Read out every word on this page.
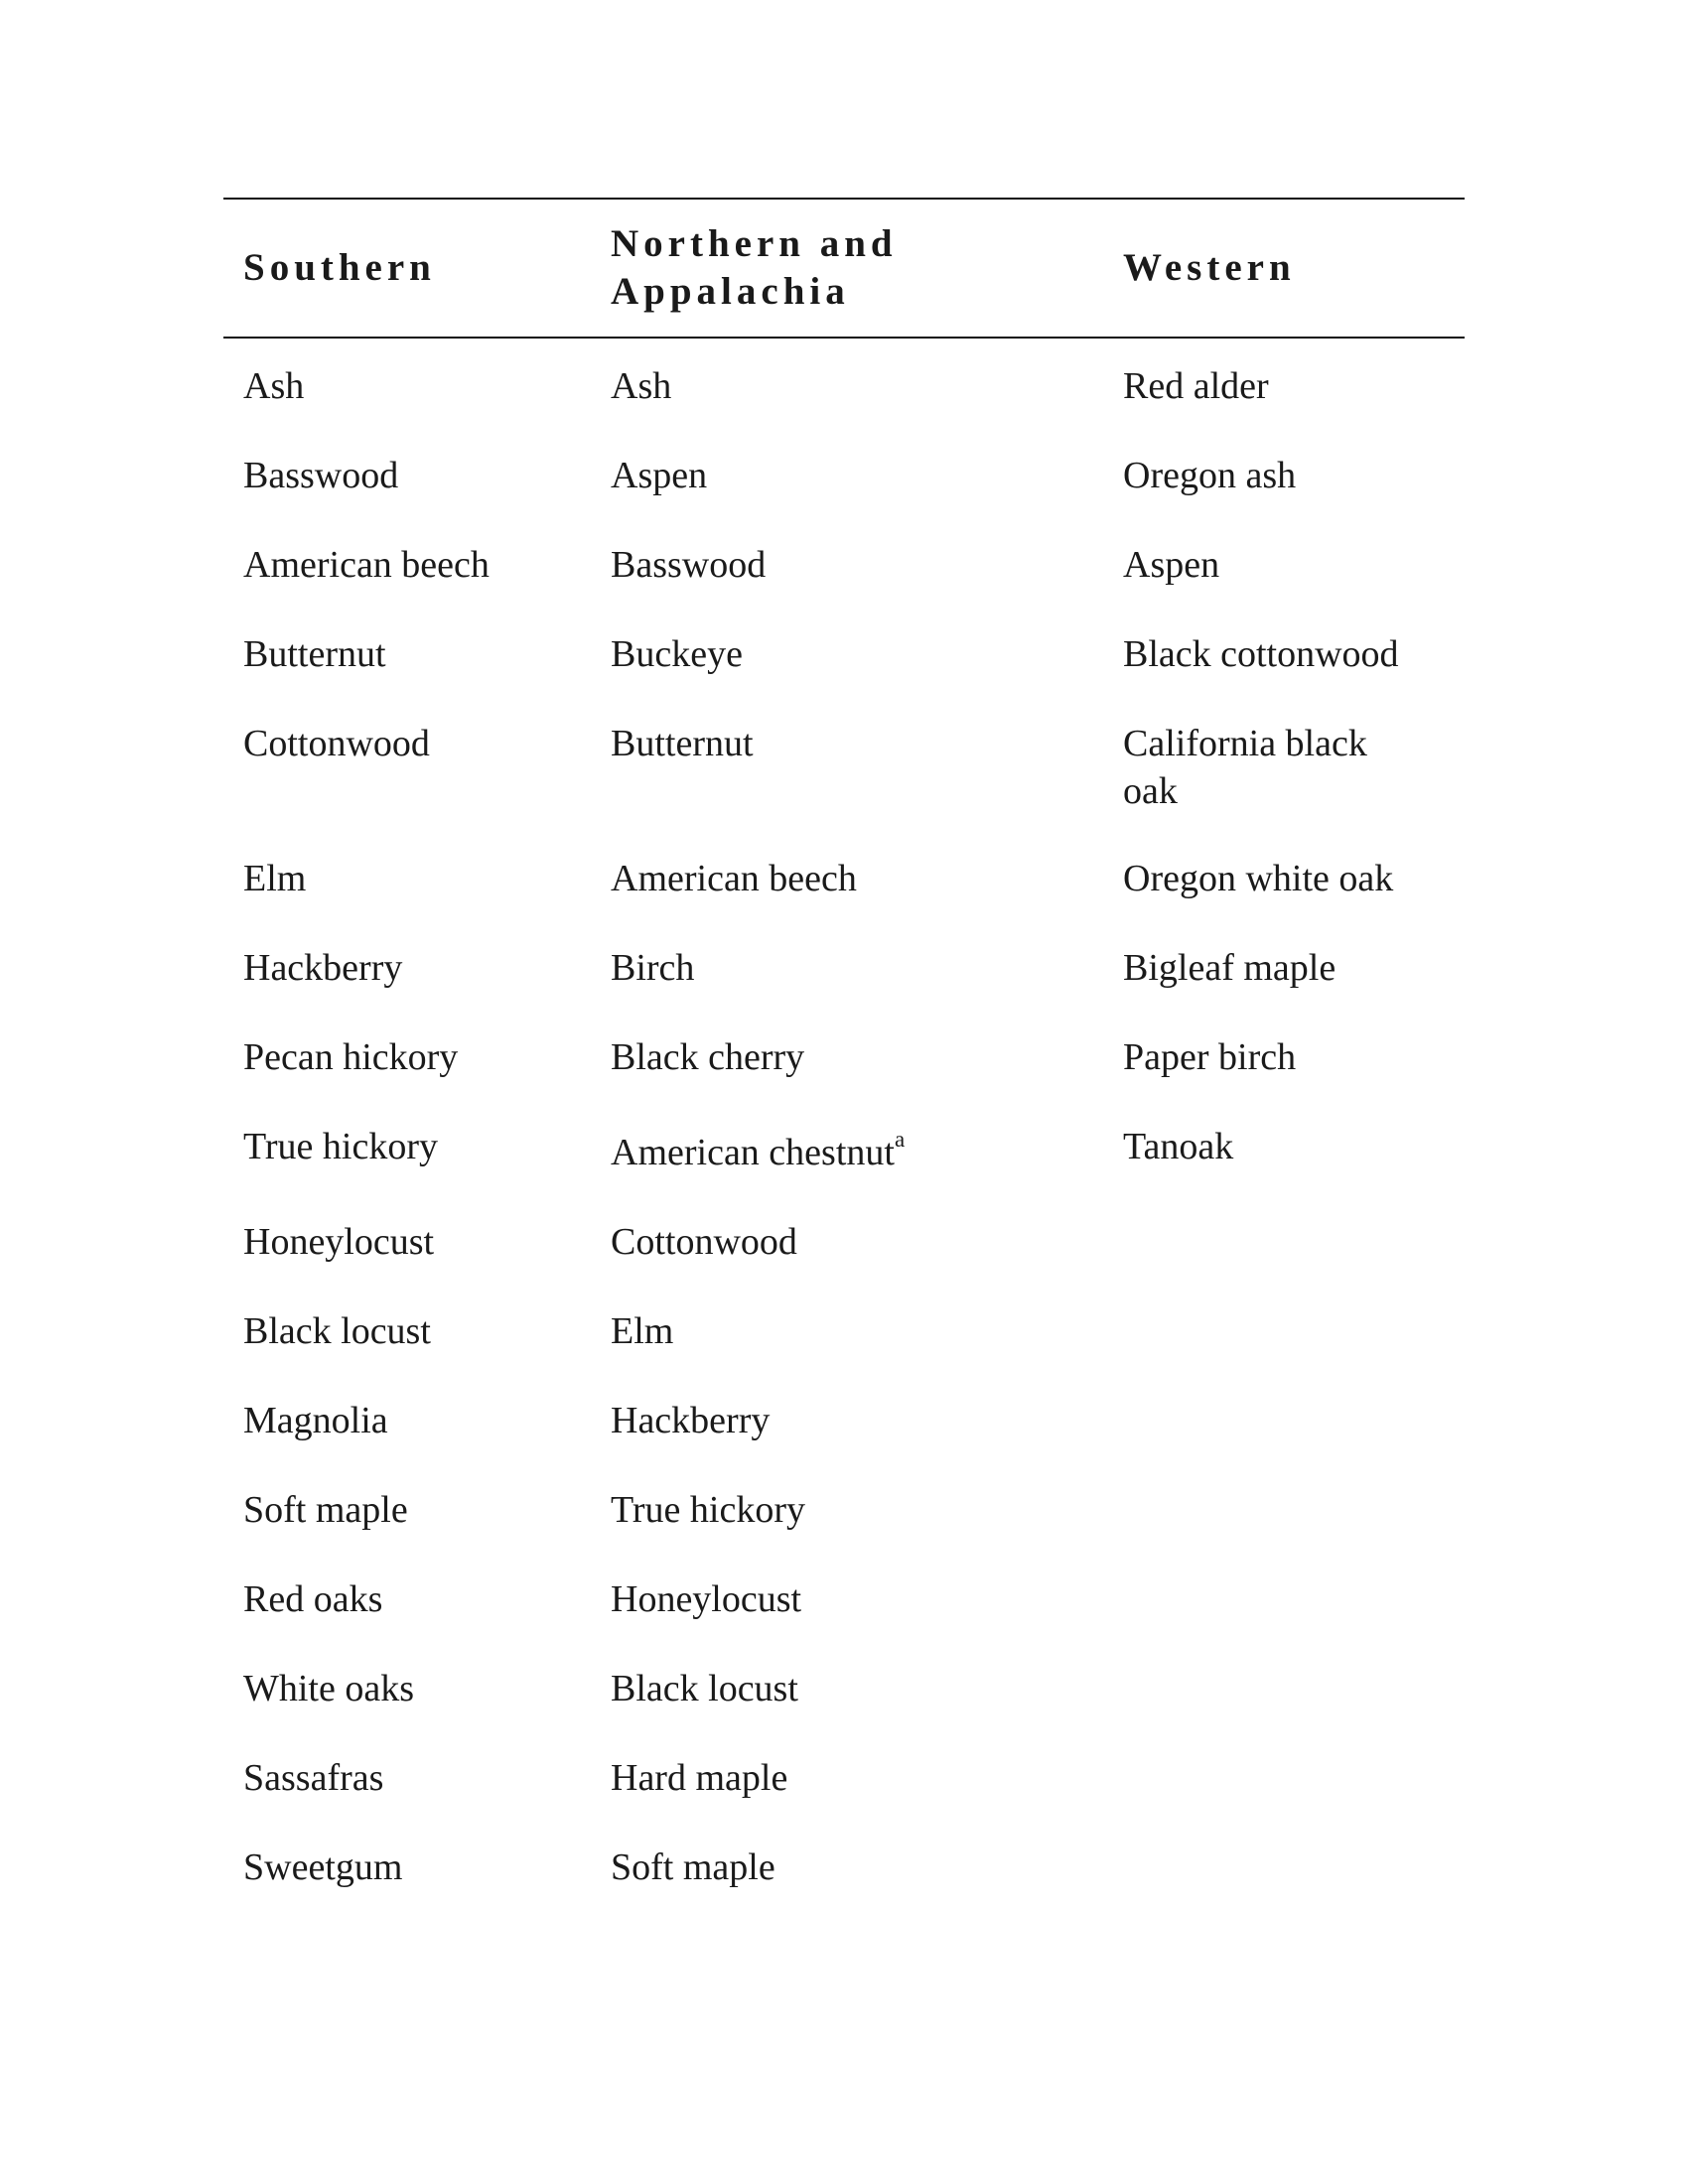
Southern
Northern and Appalachia
Western
Ash
Basswood
American beech
Butternut
Cottonwood
Elm
Hackberry
Pecan hickory
True hickory
Honeylocust
Black locust
Magnolia
Soft maple
Red oaks
White oaks
Sassafras
Sweetgum
Ash
Aspen
Basswood
Buckeye
Butternut
American beech
Birch
Black cherry
American chestnut$^a$
Cottonwood
Elm
Hackberry
True hickory
Honeylocust
Black locust
Hard maple
Soft maple
Red alder
Oregon ash
Aspen
Black cottonwood
California black oak
Oregon white oak
Bigleaf maple
Paper birch
Tanoak
